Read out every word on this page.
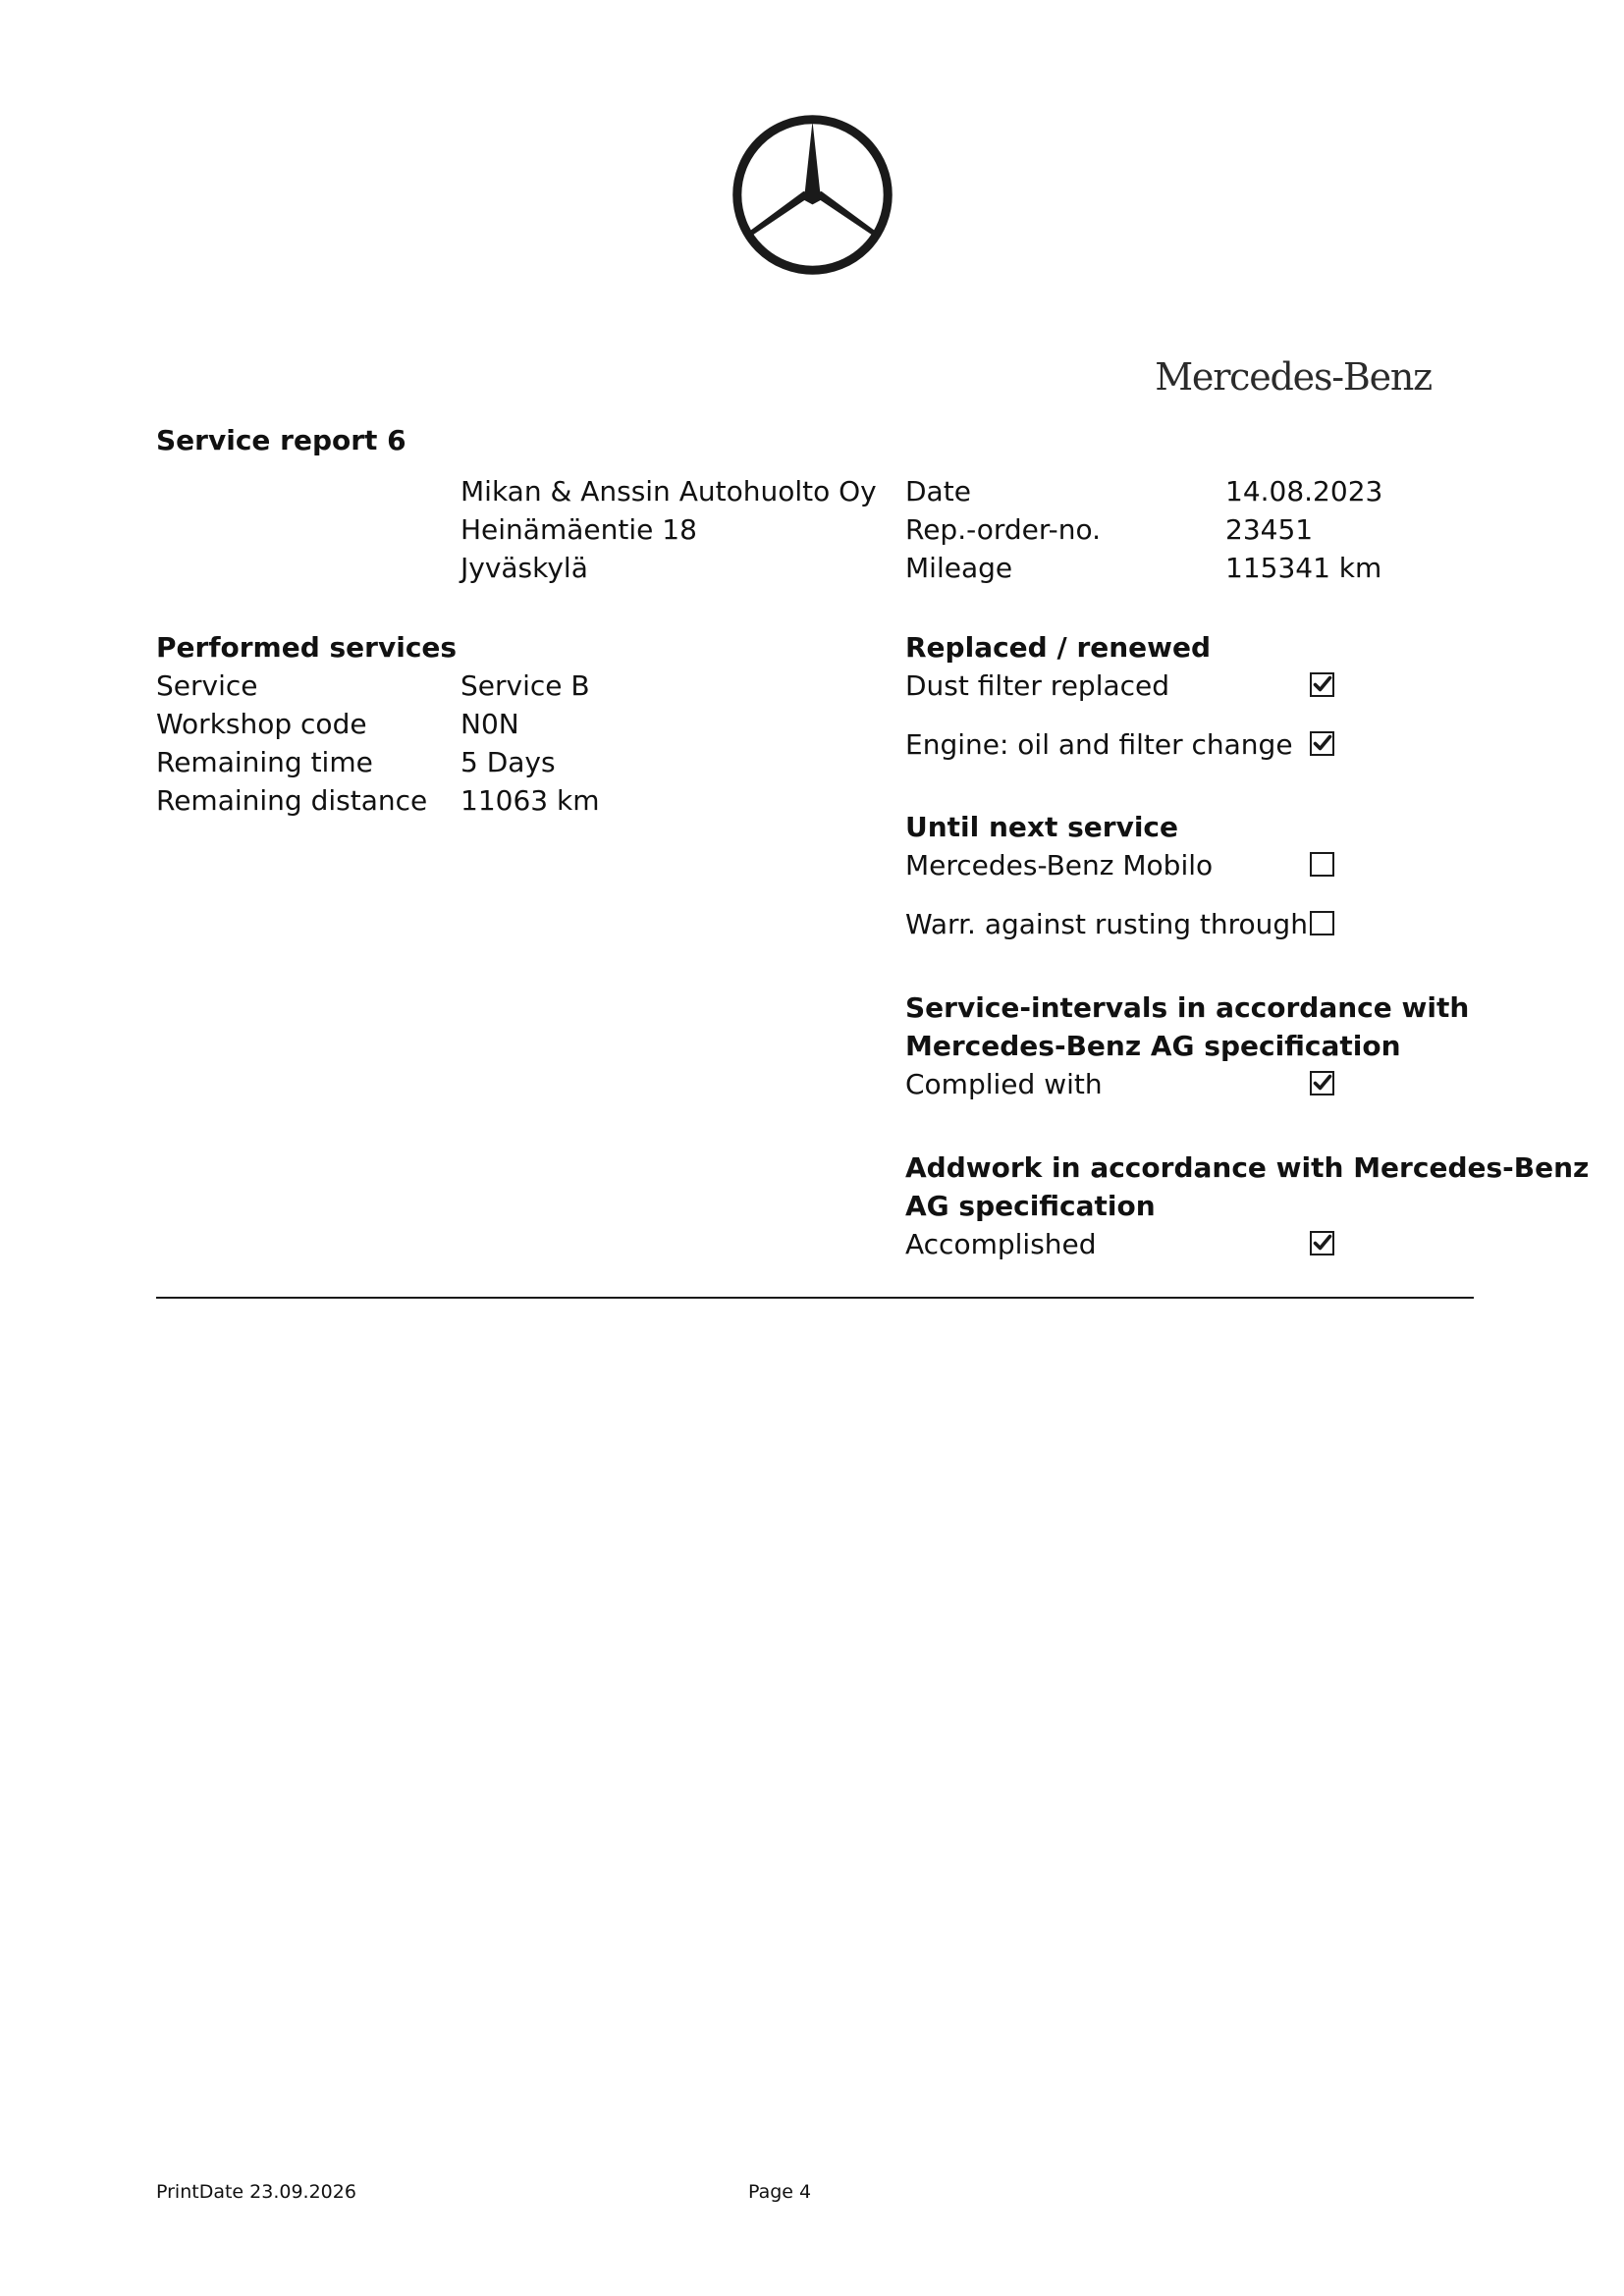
Mercedes-Benz
Service report 6
Mikan & Anssin Autohuolto Oy
Heinämäentie 18
Jyväskylä
Date	14.08.2023
Rep.-order-no.	23451
Mileage	115341 km
Performed services
Service	Service B
Workshop code	N0N
Remaining time	5 Days
Remaining distance 11063 km
Replaced / renewed
Dust filter replaced
Engine: oil and filter change
Until next service
Mercedes-Benz Mobilo
Warr. against rusting through
Service-intervals in accordance with
Mercedes-Benz AG specification
Complied with
Addwork in accordance with Mercedes-Benz
AG specification
Accomplished
PrintDate 23.09.2026	Page 4
